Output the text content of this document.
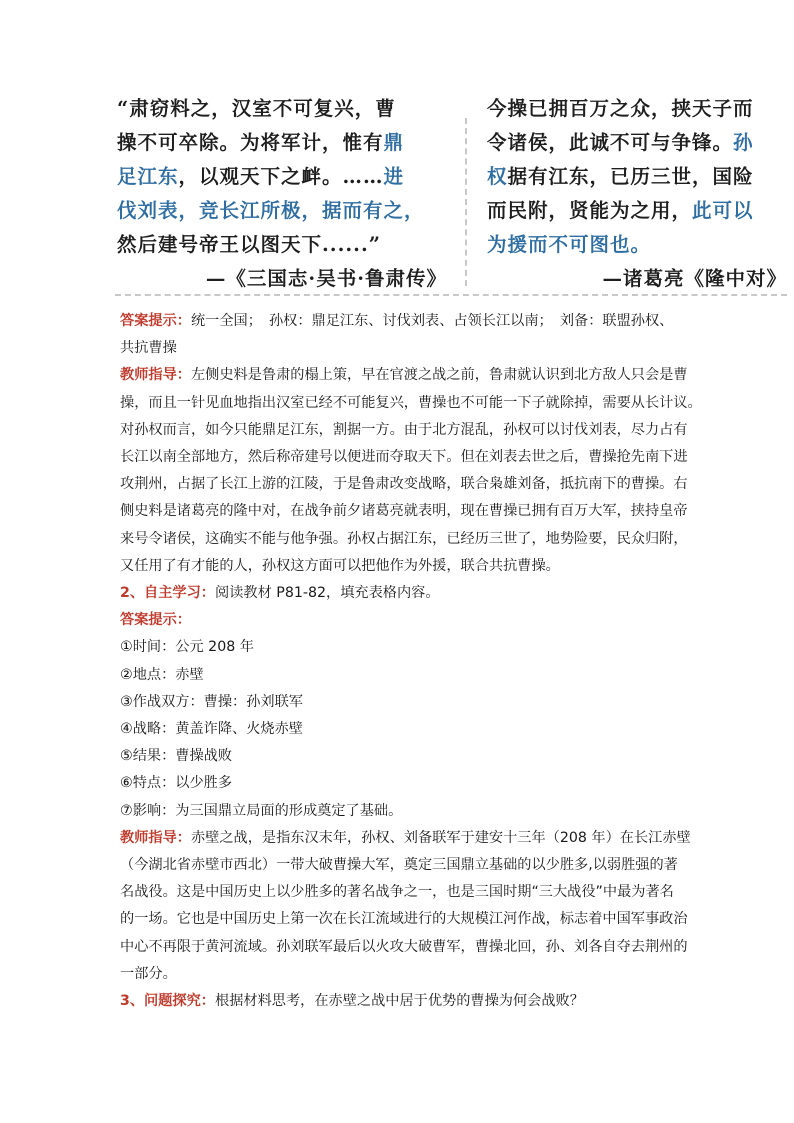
“肃窃料之，汉室不可复兴，曹
操不可卒除。为将军计，惟有鼎
足江东，以观天下之衅。……进
伐刘表，竞长江所极，据而有之，
然后建号帝王以图天下......”
—《三国志·吴书·鲁肃传》
今操已拥百万之众，挟天子而
令诸侯，此诚不可与争锋。孙
权据有江东，已历三世，国险
而民附，贤能为之用，此可以
为援而不可图也。
—诸葛亮《隆中对》
答案提示：统一全国；　孙权：鼎足江东、讨伐刘表、占领长江以南；　刘备：联盟孙权、
共抗曹操
教师指导：左侧史料是鲁肃的榻上策，早在官渡之战之前，鲁肃就认识到北方敌人只会是曹
操，而且一针见血地指出汉室已经不可能复兴，曹操也不可能一下子就除掉，需要从长计议。
对孙权而言，如今只能鼎足江东，割据一方。由于北方混乱，孙权可以讨伐刘表，尽力占有
长江以南全部地方，然后称帝建号以便进而夺取天下。但在刘表去世之后，曹操抢先南下进
攻荆州，占据了长江上游的江陵，于是鲁肃改变战略，联合枭雄刘备，抵抗南下的曹操。右
侧史料是诸葛亮的隆中对，在战争前夕诸葛亮就表明，现在曹操已拥有百万大军，挟持皇帝
来号令诸侯，这确实不能与他争强。孙权占据江东，已经历三世了，地势险要，民众归附，
又任用了有才能的人，孙权这方面可以把他作为外援，联合共抗曹操。
2、自主学习：阅读教材 P81-82，填充表格内容。
答案提示：
①时间：公元 208 年
②地点：赤壁
③作战双方：曹操：孙刘联军
④战略：黄盖诈降、火烧赤壁
⑤结果：曹操战败
⑥特点：以少胜多
⑦影响：为三国鼎立局面的形成奠定了基础。
教师指导：赤壁之战，是指东汉末年，孙权、刘备联军于建安十三年（208 年）在长江赤壁
（今湖北省赤壁市西北）一带大破曹操大军，奠定三国鼎立基础的以少胜多,以弱胜强的著
名战役。这是中国历史上以少胜多的著名战争之一，也是三国时期“三大战役”中最为著名
的一场。它也是中国历史上第一次在长江流域进行的大规模江河作战，标志着中国军事政治
中心不再限于黄河流域。孙刘联军最后以火攻大破曹军，曹操北回，孙、刘各自夺去荆州的
一部分。
3、问题探究：根据材料思考，在赤壁之战中居于优势的曹操为何会战败？
